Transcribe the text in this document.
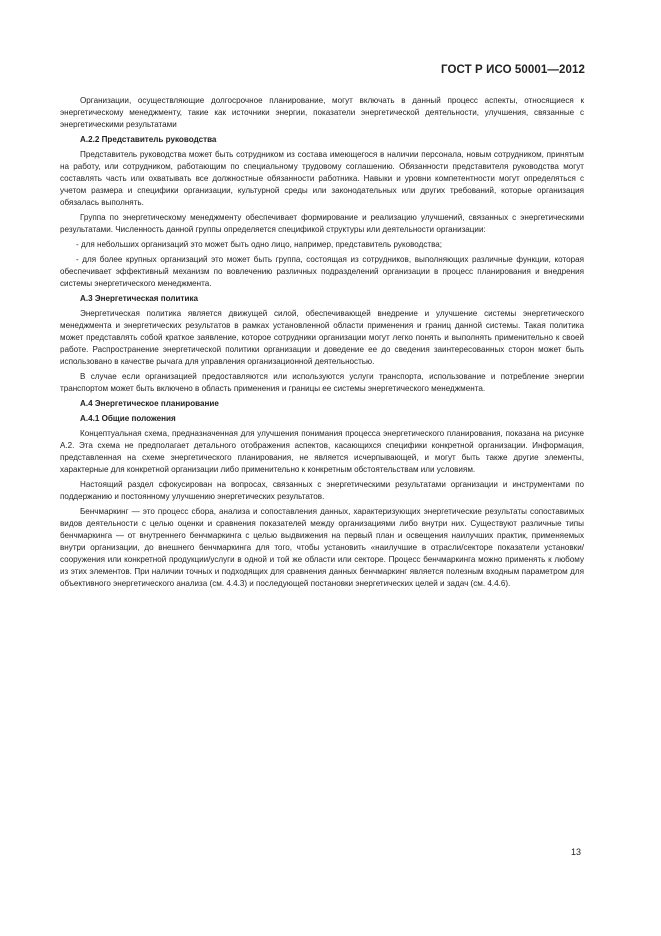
ГОСТ Р ИСО 50001—2012

Организации, осуществляющие долгосрочное планирование, могут включать в данный процесс аспекты, относящиеся к энергетическому менеджменту, такие как источники энергии, показатели энергетической деятельности, улучшения, связанные с энергетическими результатами

А.2.2 Представитель руководства

Представитель руководства может быть сотрудником из состава имеющегося в наличии персонала, новым сотрудником, принятым на работу, или сотрудником, работающим по специальному трудовому соглашению. Обязанности представителя руководства могут составлять часть или охватывать все должностные обязанности работника. Навыки и уровни компетентности могут определяться с учетом размера и специфики организации, культурной среды или законодательных или других требований, которые организация обязалась выполнять.

Группа по энергетическому менеджменту обеспечивает формирование и реализацию улучшений, связанных с энергетическими результатами. Численность данной группы определяется спецификой структуры или деятельности организации:

- для небольших организаций это может быть одно лицо, например, представитель руководства;

- для более крупных организаций это может быть группа, состоящая из сотрудников, выполняющих различные функции, которая обеспечивает эффективный механизм по вовлечению различных подразделений организации в процесс планирования и внедрения системы энергетического менеджмента.

А.3 Энергетическая политика

Энергетическая политика является движущей силой, обеспечивающей внедрение и улучшение системы энергетического менеджмента и энергетических результатов в рамках установленной области применения и границ данной системы. Такая политика может представлять собой краткое заявление, которое сотрудники организации могут легко понять и выполнять применительно к своей работе. Распространение энергетической политики организации и доведение ее до сведения заинтересованных сторон может быть использовано в качестве рычага для управления организационной деятельностью.

В случае если организацией предоставляются или используются услуги транспорта, использование и потребление энергии транспортом может быть включено в область применения и границы ее системы энергетического менеджмента.

А.4 Энергетическое планирование

А.4.1 Общие положения

Концептуальная схема, предназначенная для улучшения понимания процесса энергетического планирования, показана на рисунке А.2. Эта схема не предполагает детального отображения аспектов, касающихся специфики конкретной организации. Информация, представленная на схеме энергетического планирования, не является исчерпывающей, и могут быть также другие элементы, характерные для конкретной организации либо применительно к конкретным обстоятельствам или условиям.

Настоящий раздел сфокусирован на вопросах, связанных с энергетическими результатами организации и инструментами по поддержанию и постоянному улучшению энергетических результатов.

Бенчмаркинг — это процесс сбора, анализа и сопоставления данных, характеризующих энергетические результаты сопоставимых видов деятельности с целью оценки и сравнения показателей между организациями либо внутри них. Существуют различные типы бенчмаркинга — от внутреннего бенчмаркинга с целью выдвижения на первый план и освещения наилучших практик, применяемых внутри организации, до внешнего бенчмаркинга для того, чтобы установить «наилучшие в отрасли/секторе показатели установки/сооружения или конкретной продукции/услуги в одной и той же области или секторе. Процесс бенчмаркинга можно применять к любому из этих элементов. При наличии точных и подходящих для сравнения данных бенчмаркинг является полезным входным параметром для объективного энергетического анализа (см. 4.4.3) и последующей постановки энергетических целей и задач (см. 4.4.6).

13
